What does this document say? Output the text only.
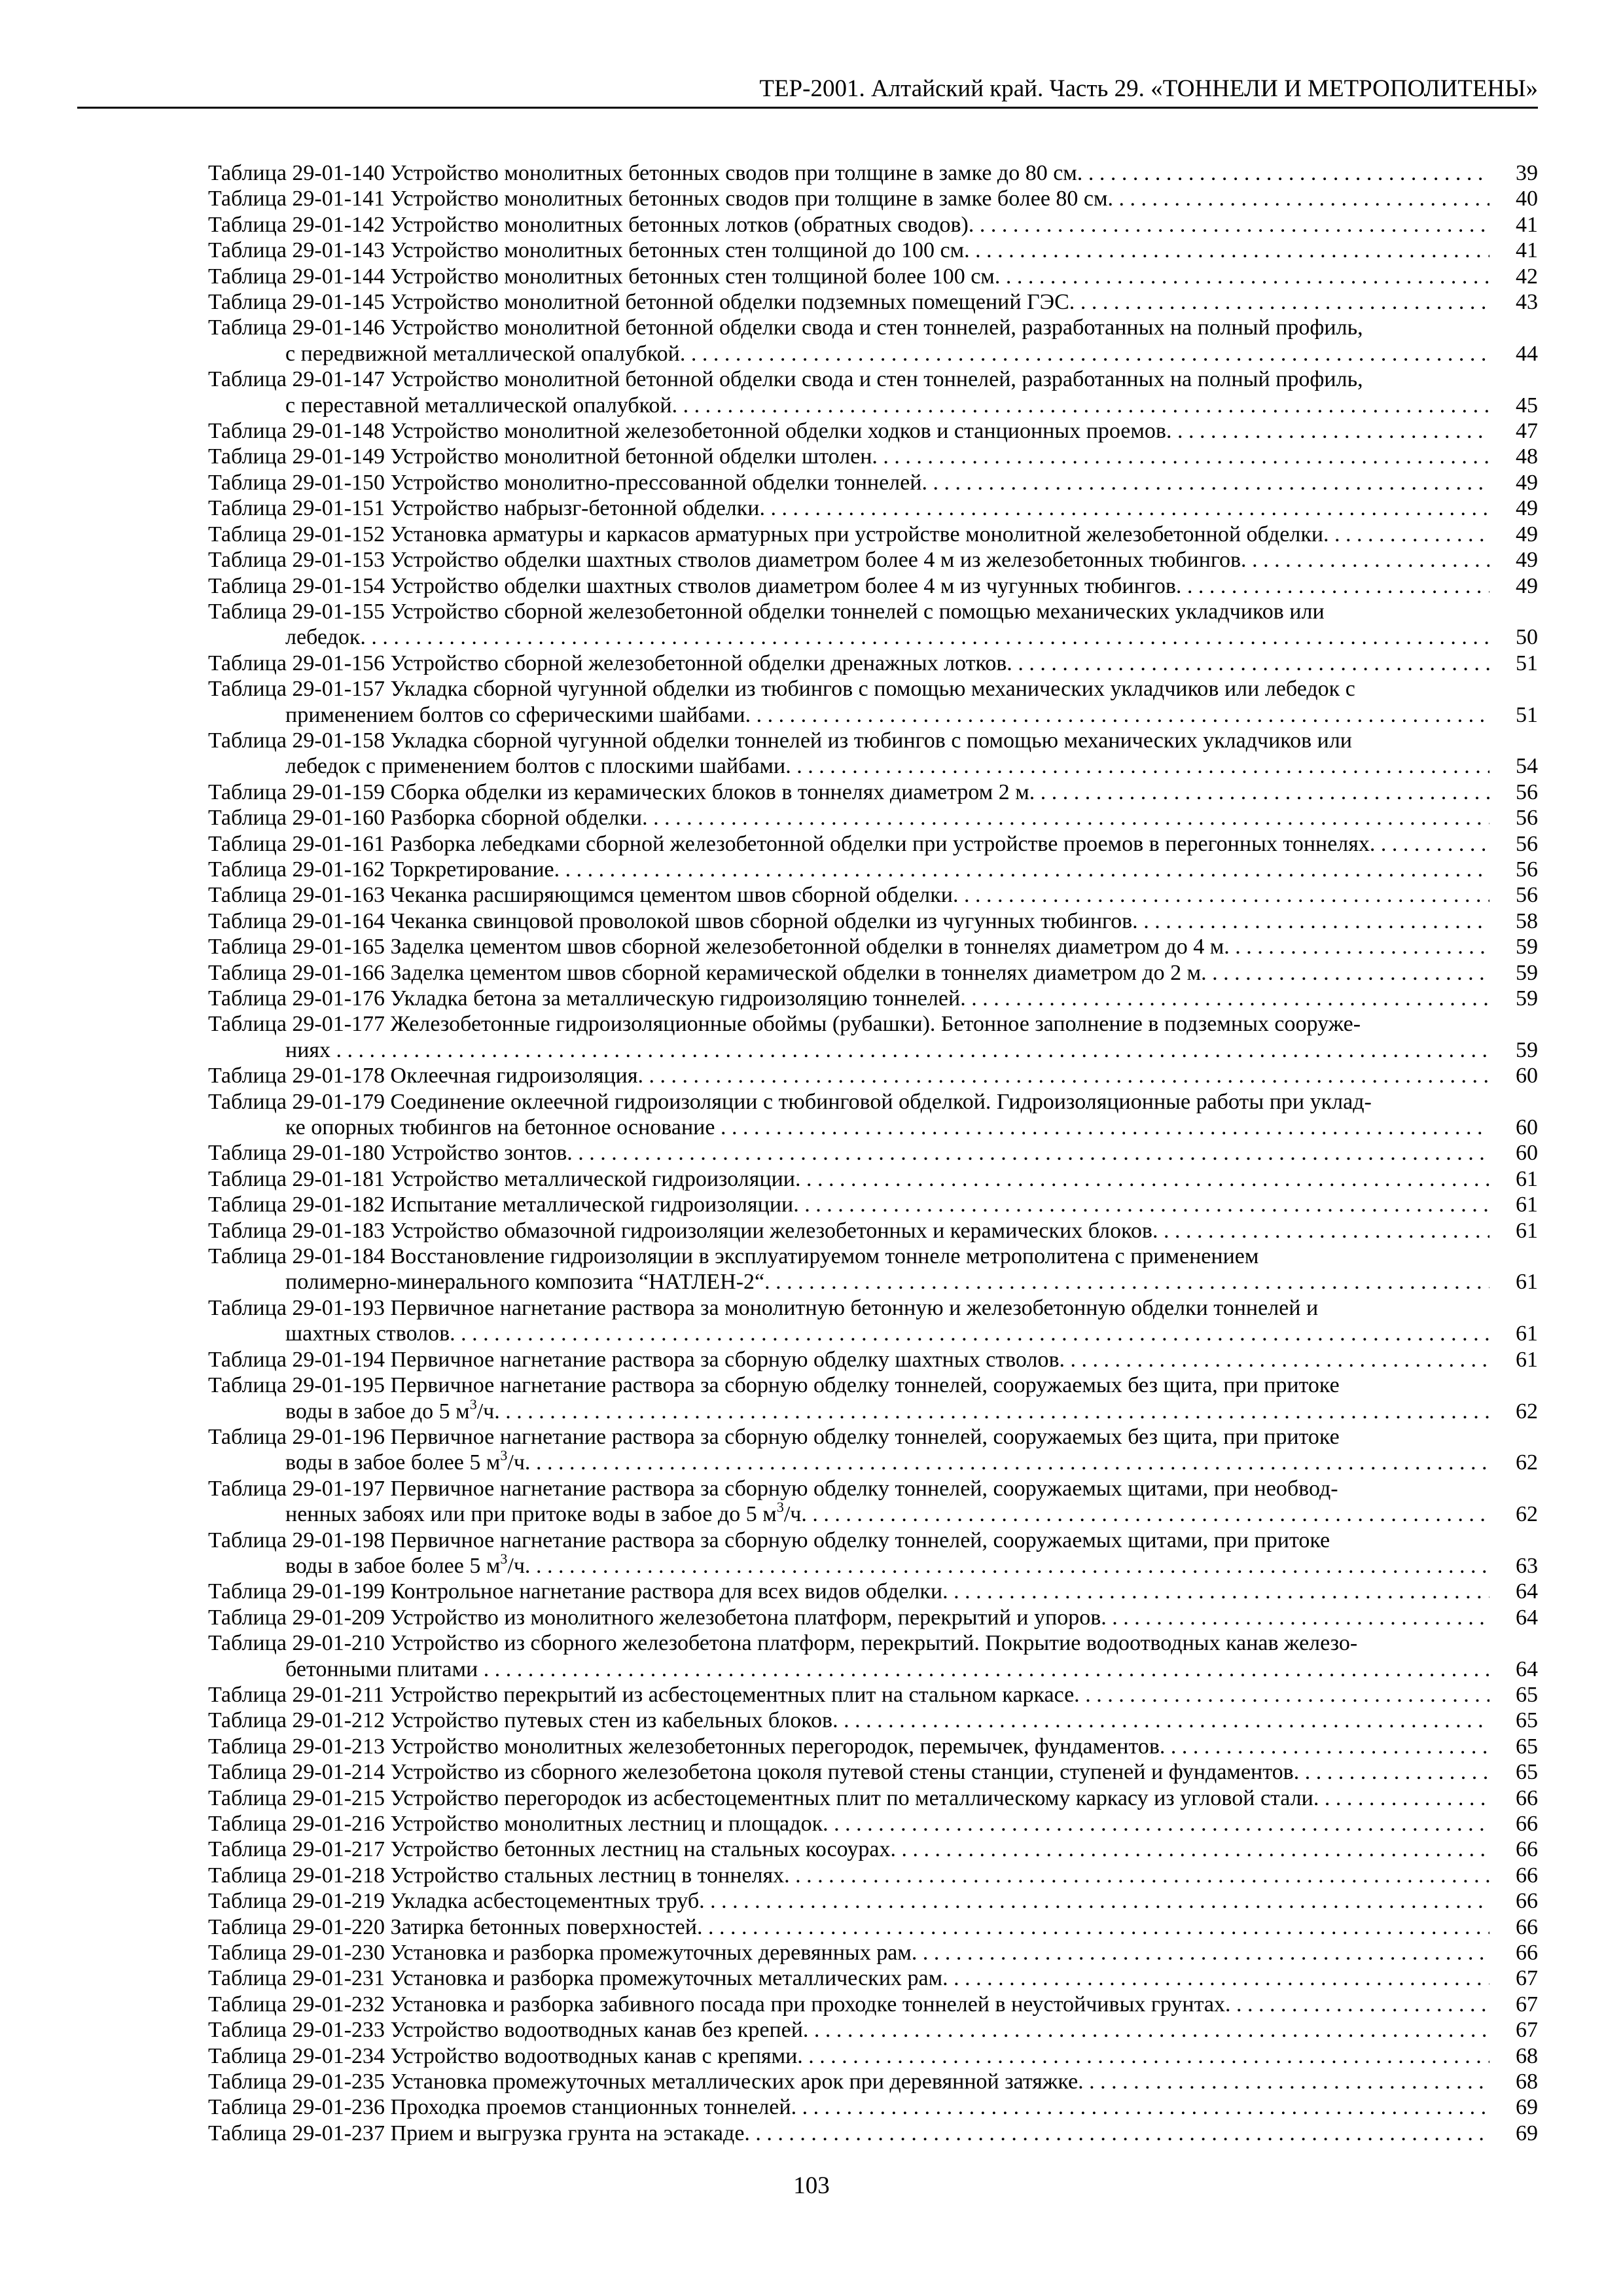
ТЕР-2001. Алтайский край. Часть 29. «ТОННЕЛИ И МЕТРОПОЛИТЕНЫ»
Таблица 29-01-140 Устройство монолитных бетонных сводов при толщине в замке до 80 см. . . .	39
Таблица 29-01-141 Устройство монолитных бетонных сводов при толщине в замке более 80 см. . . .	40
Таблица 29-01-142 Устройство монолитных бетонных лотков (обратных сводов). . . .	41
Таблица 29-01-143 Устройство монолитных бетонных стен толщиной до 100 см. . . .	41
Таблица 29-01-144 Устройство монолитных бетонных стен толщиной более 100 см. . . .	42
Таблица 29-01-145 Устройство монолитной бетонной обделки подземных помещений ГЭС. . . .	43
Таблица 29-01-146 Устройство монолитной бетонной обделки свода и стен тоннелей, разработанных на полный профиль,
с передвижной металлической опалубкой. . . .	44
Таблица 29-01-147 Устройство монолитной бетонной обделки свода и стен тоннелей, разработанных на полный профиль,
с переставной металлической опалубкой. . . .	45
Таблица 29-01-148 Устройство монолитной железобетонной обделки ходков и станционных проемов. . . .	47
Таблица 29-01-149 Устройство монолитной бетонной обделки штолен. . . .	48
Таблица 29-01-150 Устройство монолитно-прессованной обделки тоннелей. . . .	49
Таблица 29-01-151 Устройство набрызг-бетонной обделки. . . .	49
Таблица 29-01-152 Установка арматуры и каркасов арматурных при устройстве монолитной железобетонной обделки. . . .	49
Таблица 29-01-153 Устройство обделки шахтных стволов диаметром более 4 м из железобетонных тюбингов. . . .	49
Таблица 29-01-154 Устройство обделки шахтных стволов диаметром более 4 м из чугунных тюбингов. . . .	49
Таблица 29-01-155 Устройство сборной железобетонной обделки тоннелей с помощью механических укладчиков или
лебедок. . . .	50
Таблица 29-01-156 Устройство сборной железобетонной обделки дренажных лотков. . . .	51
Таблица 29-01-157 Укладка сборной чугунной обделки из тюбингов с помощью механических укладчиков или лебедок с
применением болтов со сферическими шайбами. . . .	51
Таблица 29-01-158 Укладка сборной чугунной обделки тоннелей из тюбингов с помощью механических укладчиков или
лебедок с применением болтов с плоскими шайбами. . . .	54
Таблица 29-01-159 Сборка обделки из керамических блоков в тоннелях диаметром 2 м. . . .	56
Таблица 29-01-160 Разборка сборной обделки. . . .	56
Таблица 29-01-161 Разборка лебедками сборной железобетонной обделки при устройстве проемов в перегонных тоннелях. . . .	56
Таблица 29-01-162 Торкретирование. . . .	56
Таблица 29-01-163 Чеканка расширяющимся цементом швов сборной обделки. . . .	56
Таблица 29-01-164 Чеканка свинцовой проволокой швов сборной обделки из чугунных тюбингов. . . .	58
Таблица 29-01-165 Заделка цементом швов сборной железобетонной обделки в тоннелях диаметром до 4 м. . . .	59
Таблица 29-01-166 Заделка цементом швов сборной керамической обделки в тоннелях диаметром до 2 м. . . .	59
Таблица 29-01-176 Укладка бетона за металлическую гидроизоляцию тоннелей. . . .	59
Таблица 29-01-177 Железобетонные гидроизоляционные обоймы (рубашки). Бетонное заполнение в подземных сооруже-
ниях . . .	59
Таблица 29-01-178 Оклеечная гидроизоляция. . . .	60
Таблица 29-01-179 Соединение оклеечной гидроизоляции с тюбинговой обделкой. Гидроизоляционные работы при уклад-
ке опорных тюбингов на бетонное основание . . .	60
Таблица 29-01-180 Устройство зонтов. . . .	60
Таблица 29-01-181 Устройство металлической гидроизоляции. . . .	61
Таблица 29-01-182 Испытание металлической гидроизоляции. . . .	61
Таблица 29-01-183 Устройство обмазочной гидроизоляции железобетонных и керамических блоков. . . .	61
Таблица 29-01-184 Восстановление гидроизоляции в эксплуатируемом тоннеле метрополитена с применением
полимерно-минерального композита “НАТЛЕН-2“. . . .	61
Таблица 29-01-193 Первичное нагнетание раствора за монолитную бетонную и железобетонную обделки тоннелей и
шахтных стволов. . . .	61
Таблица 29-01-194 Первичное нагнетание раствора за сборную обделку шахтных стволов. . . .	61
Таблица 29-01-195 Первичное нагнетание раствора за сборную обделку тоннелей, сооружаемых без щита, при притоке
воды в забое до 5 $м^3/ч$. . . .	62
Таблица 29-01-196 Первичное нагнетание раствора за сборную обделку тоннелей, сооружаемых без щита, при притоке
воды в забое более 5 $м^3/ч$. . . .	62
Таблица 29-01-197 Первичное нагнетание раствора за сборную обделку тоннелей, сооружаемых щитами, при необвод-
ненных забоях или при притоке воды в забое до 5 $м^3/ч$. . . .	62
Таблица 29-01-198 Первичное нагнетание раствора за сборную обделку тоннелей, сооружаемых щитами, при притоке
воды в забое более 5 $м^3/ч$. . . .	63
Таблица 29-01-199 Контрольное нагнетание раствора для всех видов обделки. . . .	64
Таблица 29-01-209 Устройство из монолитного железобетона платформ, перекрытий и упоров. . . .	64
Таблица 29-01-210 Устройство из сборного железобетона платформ, перекрытий. Покрытие водоотводных канав железо-
бетонными плитами . . .	64
Таблица 29-01-211 Устройство перекрытий из асбестоцементных плит на стальном каркасе. . . .	65
Таблица 29-01-212 Устройство путевых стен из кабельных блоков. . . .	65
Таблица 29-01-213 Устройство монолитных железобетонных перегородок, перемычек, фундаментов. . . .	65
Таблица 29-01-214 Устройство из сборного железобетона цоколя путевой стены станции, ступеней и фундаментов. . . .	65
Таблица 29-01-215 Устройство перегородок из асбестоцементных плит по металлическому каркасу из угловой стали. . . .	66
Таблица 29-01-216 Устройство монолитных лестниц и площадок. . . .	66
Таблица 29-01-217 Устройство бетонных лестниц на стальных косоурах. . . .	66
Таблица 29-01-218 Устройство стальных лестниц в тоннелях. . . .	66
Таблица 29-01-219 Укладка асбестоцементных труб. . . .	66
Таблица 29-01-220 Затирка бетонных поверхностей. . . .	66
Таблица 29-01-230 Установка и разборка промежуточных деревянных рам. . . .	66
Таблица 29-01-231 Установка и разборка промежуточных металлических рам. . . .	67
Таблица 29-01-232 Установка и разборка забивного посада при проходке тоннелей в неустойчивых грунтах. . . .	67
Таблица 29-01-233 Устройство водоотводных канав без крепей. . . .	67
Таблица 29-01-234 Устройство водоотводных канав с крепями. . . .	68
Таблица 29-01-235 Установка промежуточных металлических арок при деревянной затяжке. . . .	68
Таблица 29-01-236 Проходка проемов станционных тоннелей. . . .	69
Таблица 29-01-237 Прием и выгрузка грунта на эстакаде. . . .	69
103
